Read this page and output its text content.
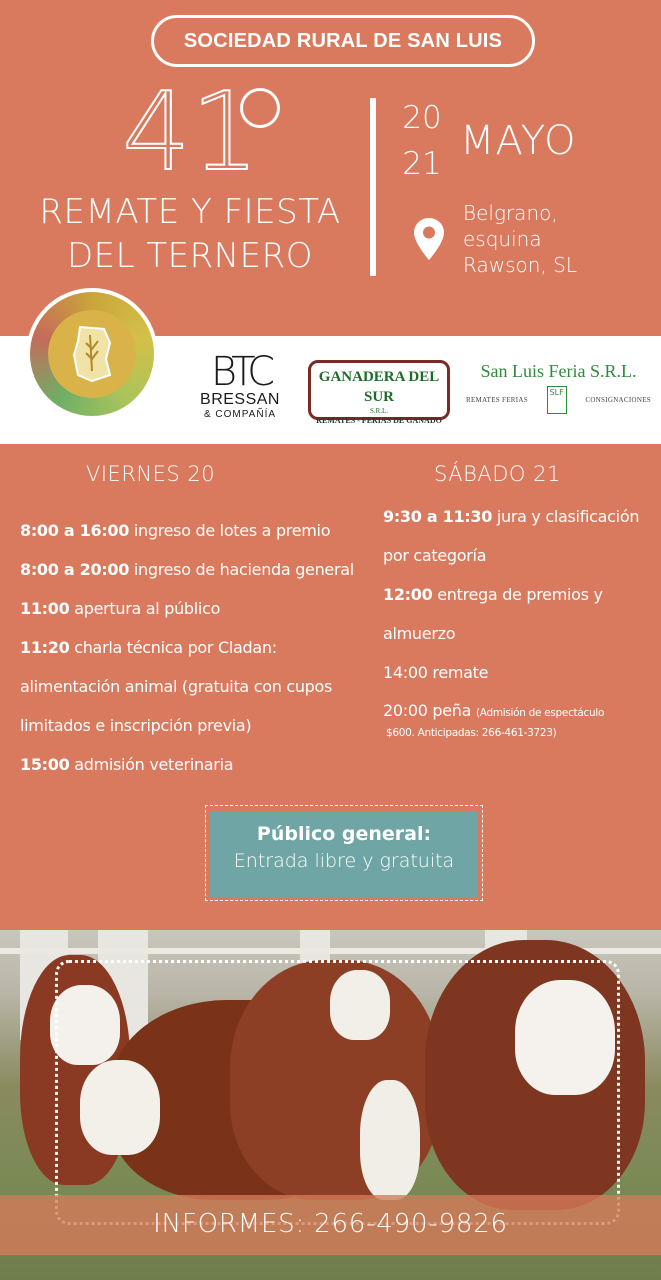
SOCIEDAD RURAL DE SAN LUIS
41
REMATE Y FIESTA
DEL TERNERO
20
21 MAYO
Belgrano,
esquina
Rawson, SL
BTC
BRESSAN
& COMPAÑÍA
GANADERA DEL SUR
S.R.L.
REMATES - FERIAS DE GANADO
San Luis Feria S.R.L.
REMATES FERIAS
SLF
CONSIGNACIONES
VIERNES 20
8:00 a 16:00 ingreso de lotes a premio
8:00 a 20:00 ingreso de hacienda general
11:00 apertura al público
11:20 charla técnica por Cladan:
alimentación animal (gratuita con cupos
limitados e inscripción previa)
15:00 admisión veterinaria
SÁBADO 21
9:30 a 11:30 jura y clasificación
por categoría
12:00 entrega de premios y
almuerzo
14:00 remate
20:00 peña (Admisión de espectáculo
$600. Anticipadas: 266-461-3723)
Público general:
Entrada libre y gratuita
INFORMES: 266-490-9826
